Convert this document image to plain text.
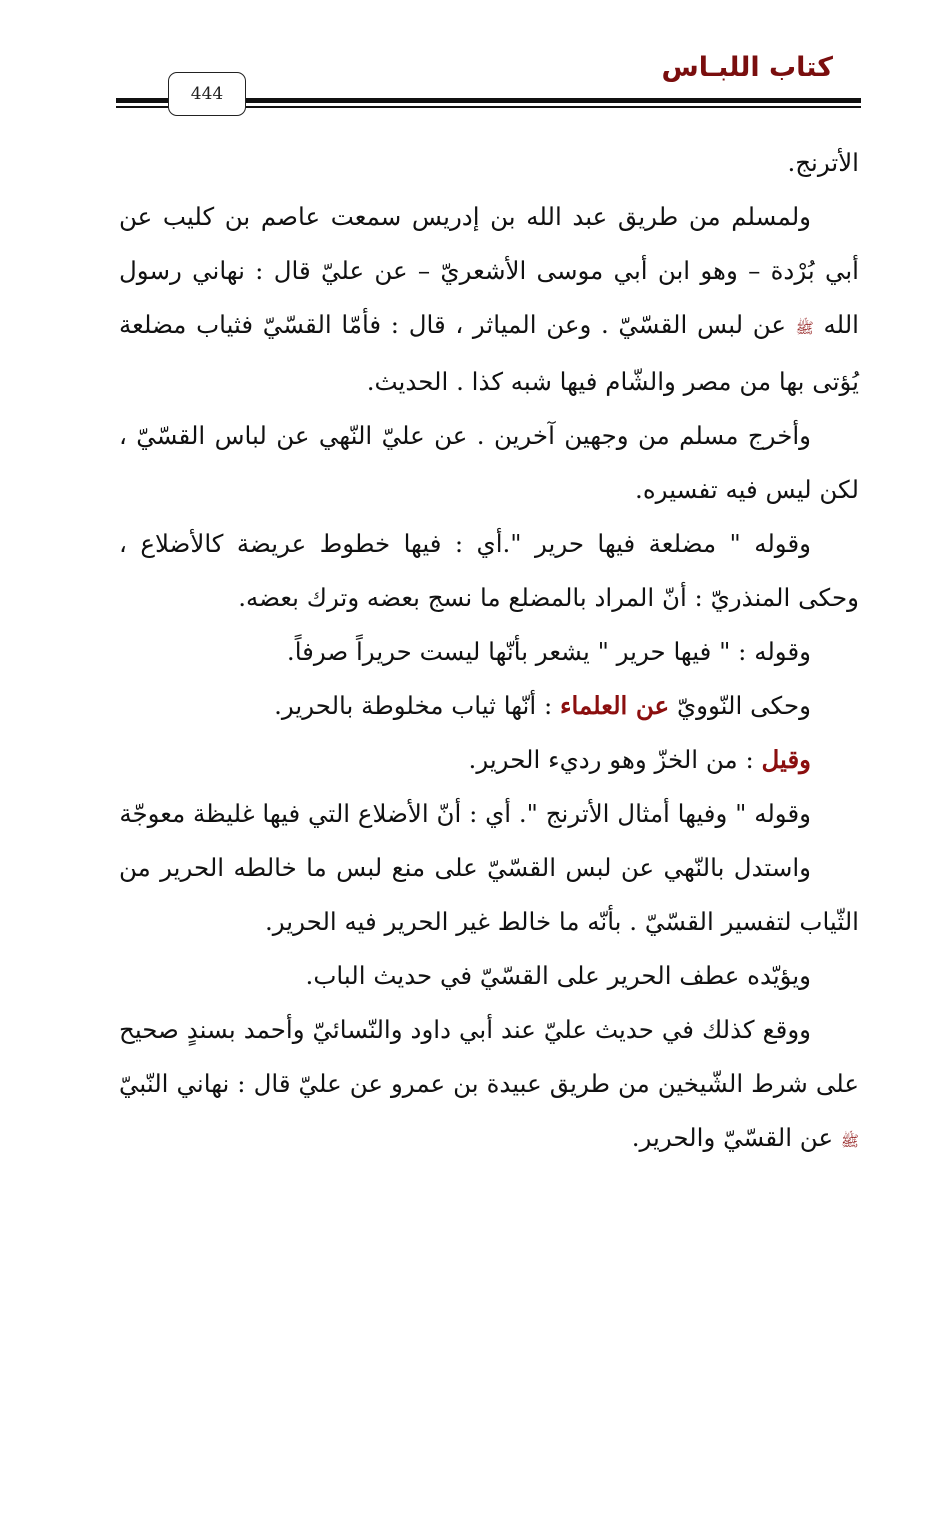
كتاب اللبـاس
444

الأترنج.

ولمسلم من طريق عبد الله بن إدريس سمعت عاصم بن كليب عن أبي بُرْدة – وهو ابن أبي موسى الأشعريّ – عن عليّ قال : نهاني رسول الله ﷺ عن لبس القسّيّ . وعن المياثر ، قال : فأمّا القسّيّ فثياب مضلعة يُؤتى بها من مصر والشّام فيها شبه كذا . الحديث.

وأخرج مسلم من وجهين آخرين . عن عليّ النّهي عن لباس القسّيّ ، لكن ليس فيه تفسيره.

وقوله " مضلعة فيها حرير ".أي : فيها خطوط عريضة كالأضلاع ، وحكى المنذريّ : أنّ المراد بالمضلع ما نسج بعضه وترك بعضه.

وقوله : " فيها حرير " يشعر بأنّها ليست حريراً صرفاً.

وحكى النّوويّ عن العلماء : أنّها ثياب مخلوطة بالحرير.

وقيل : من الخزّ وهو رديء الحرير.

وقوله " وفيها أمثال الأترنج ". أي : أنّ الأضلاع التي فيها غليظة معوجّة

واستدل بالنّهي عن لبس القسّيّ على منع لبس ما خالطه الحرير من الثّياب لتفسير القسّيّ . بأنّه ما خالط غير الحرير فيه الحرير.

ويؤيّده عطف الحرير على القسّيّ في حديث الباب.

ووقع كذلك في حديث عليّ عند أبي داود والنّسائيّ وأحمد بسندٍ صحيح على شرط الشّيخين من طريق عبيدة بن عمرو عن عليّ قال : نهاني النّبيّ ﷺ عن القسّيّ والحرير.
